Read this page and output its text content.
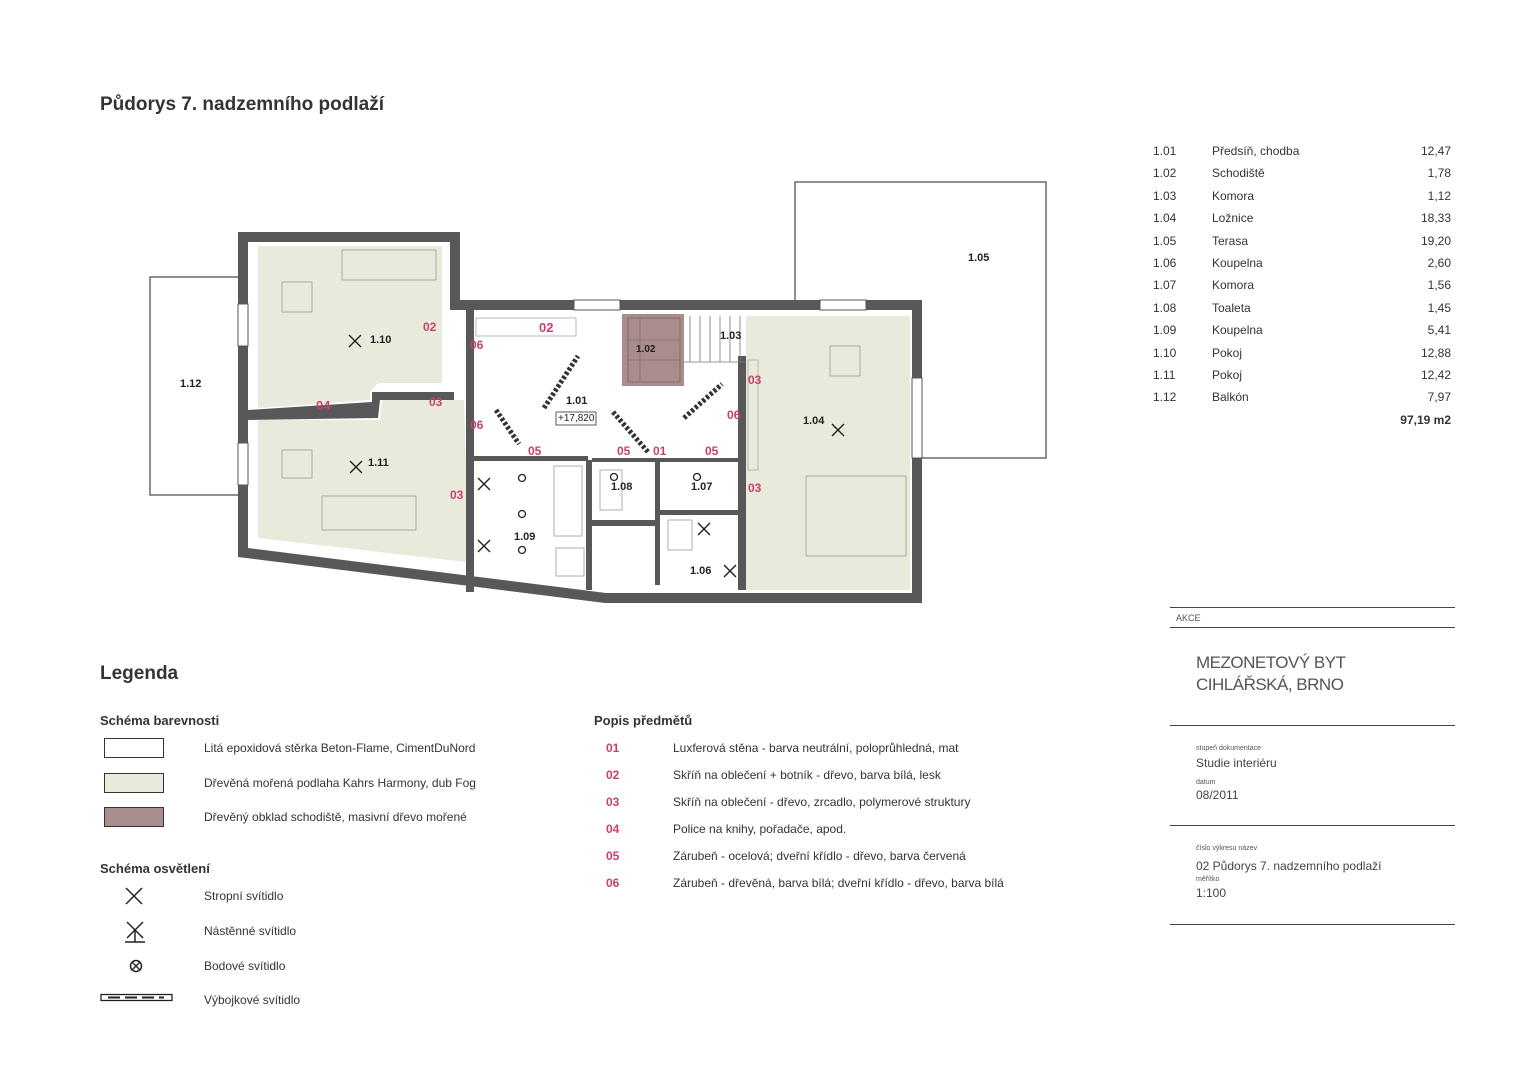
Půdorys 7. nadzemního podlaží
1.05
1.10
1.11
1.12
1.01
+17,820
1.03
1.02
1.04
1.09
1.08	1.07
1.06
02	02
06
03
04
06
05	05 01	05
06
03
03
03
1.01	Předsíň, chodba	12,47
1.02	Schodiště	1,78
1.03	Komora	1,12
1.04	Ložnice	18,33
1.05	Terasa	19,20
1.06	Koupelna	2,60
1.07	Komora	1,56
1.08	Toaleta	1,45
1.09	Koupelna	5,41
1.10	Pokoj	12,88
1.11	Pokoj	12,42
1.12	Balkón	7,97
97,19 m2
Legenda
Schéma barevnosti
Litá epoxidová stěrka Beton-Flame, CimentDuNord
Dřevěná mořená podlaha Kahrs Harmony, dub Fog
Dřevěný obklad schodiště, masivní dřevo mořené
Schéma osvětlení
Stropní svítidlo
Nástěnné svítidlo
Bodové svítidlo
Výbojkové svítidlo
Popis předmětů
01	Luxferová stěna - barva neutrální, poloprůhledná, mat
02	Skříň na oblečení + botník - dřevo, barva bílá, lesk
03	Skříň na oblečení - dřevo, zrcadlo, polymerové struktury
04	Police na knihy, pořadače, apod.
05	Zárubeň - ocelová; dveřní křídlo - dřevo, barva červená
06	Zárubeň - dřevěná, barva bílá; dveřní křídlo - dřevo, barva bílá
AKCE
MEZONETOVÝ BYT
CIHLÁŘSKÁ, BRNO
stupeň dokumentace
Studie interiéru
datum
08/2011
číslo výkresu název
02 Půdorys 7. nadzemního podlaží
měřítko
1:100
